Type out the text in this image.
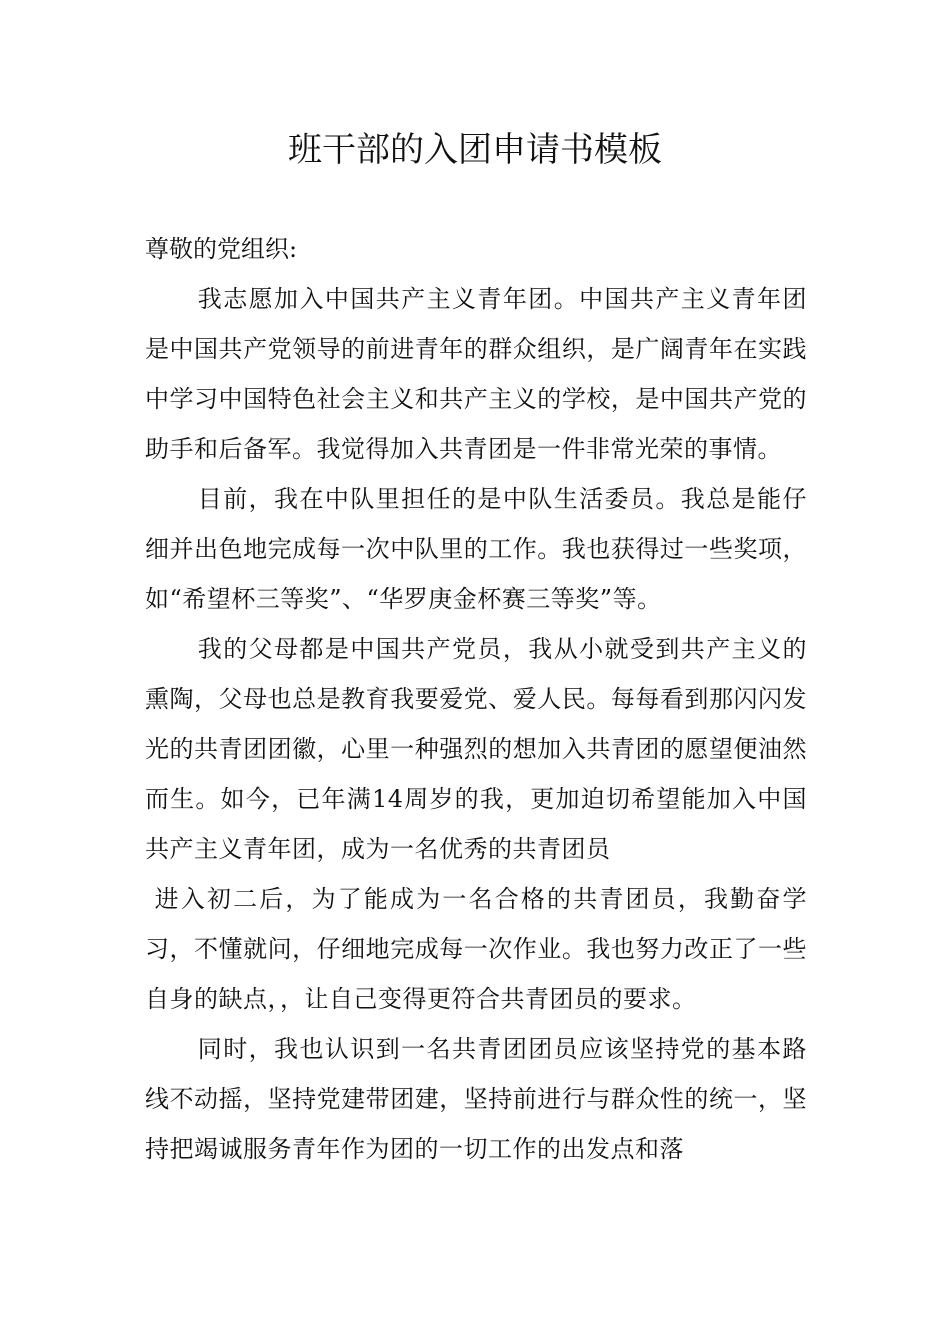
班干部的入团申请书模板

尊敬的党组织:

我志愿加入中国共产主义青年团。中国共产主义青年团是中国共产党领导的前进青年的群众组织，是广阔青年在实践中学习中国特色社会主义和共产主义的学校，是中国共产党的助手和后备军。我觉得加入共青团是一件非常光荣的事情。

目前，我在中队里担任的是中队生活委员。我总是能仔细并出色地完成每一次中队里的工作。我也获得过一些奖项，如“希望杯三等奖”、“华罗庚金杯赛三等奖”等。

我的父母都是中国共产党员，我从小就受到共产主义的熏陶，父母也总是教育我要爱党、爱人民。每每看到那闪闪发光的共青团团徽，心里一种强烈的想加入共青团的愿望便油然而生。如今，已年满14周岁的我，更加迫切希望能加入中国共产主义青年团，成为一名优秀的共青团员

进入初二后，为了能成为一名合格的共青团员，我勤奋学习，不懂就问，仔细地完成每一次作业。我也努力改正了一些自身的缺点，，让自己变得更符合共青团员的要求。

同时，我也认识到一名共青团团员应该坚持党的基本路线不动摇，坚持党建带团建，坚持前进行与群众性的统一，坚持把竭诚服务青年作为团的一切工作的出发点和落
